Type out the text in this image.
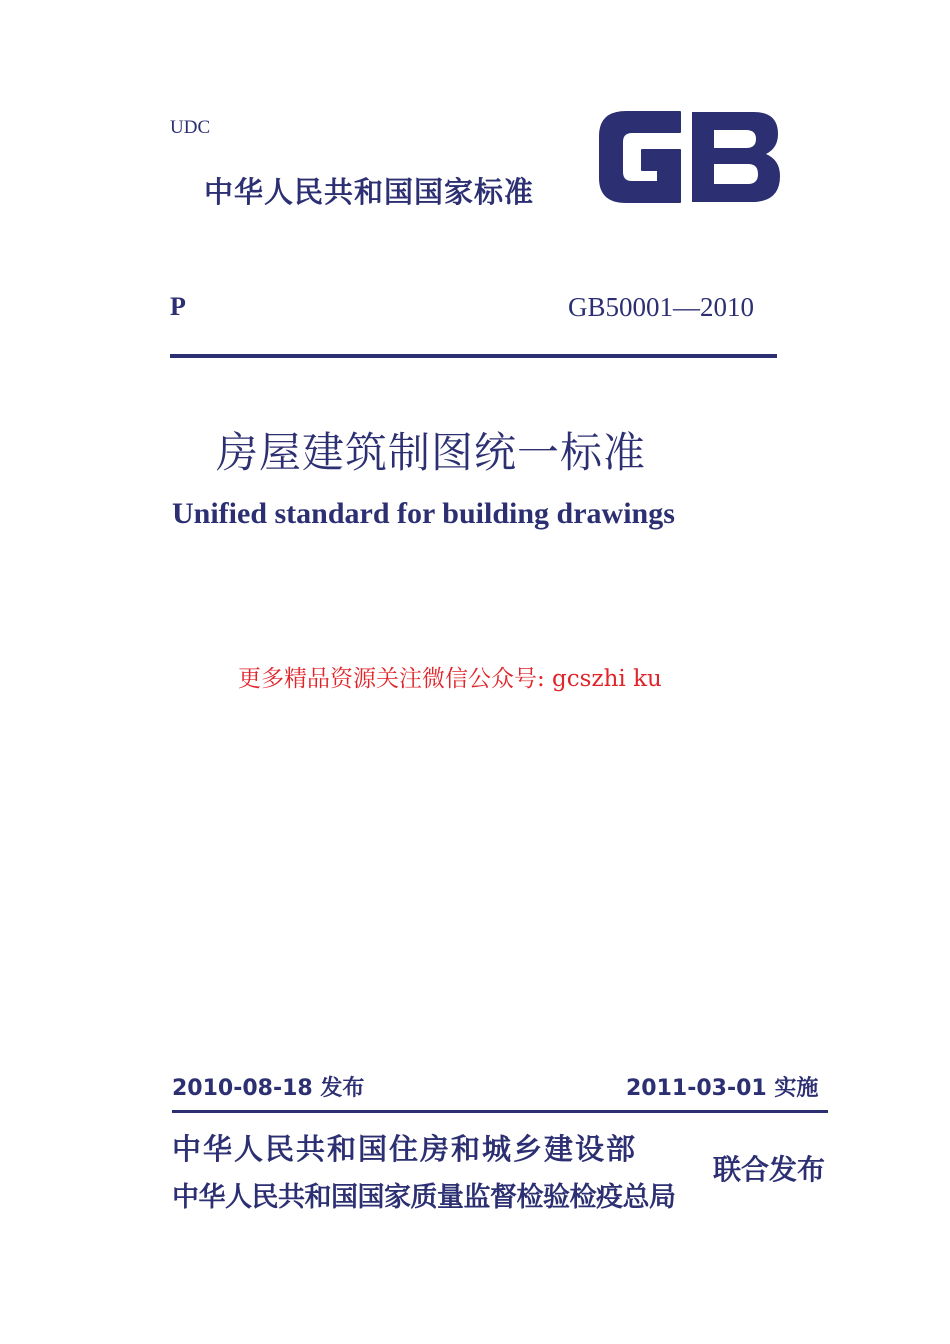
UDC
中华人民共和国国家标准
P	GB50001—2010
房屋建筑制图统一标准
Unified standard for building drawings
更多精品资源关注微信公众号: gcszhi ku
2010-08-18 发布	2011-03-01 实施
中华人民共和国住房和城乡建设部
中华人民共和国国家质量监督检验检疫总局
联合发布
